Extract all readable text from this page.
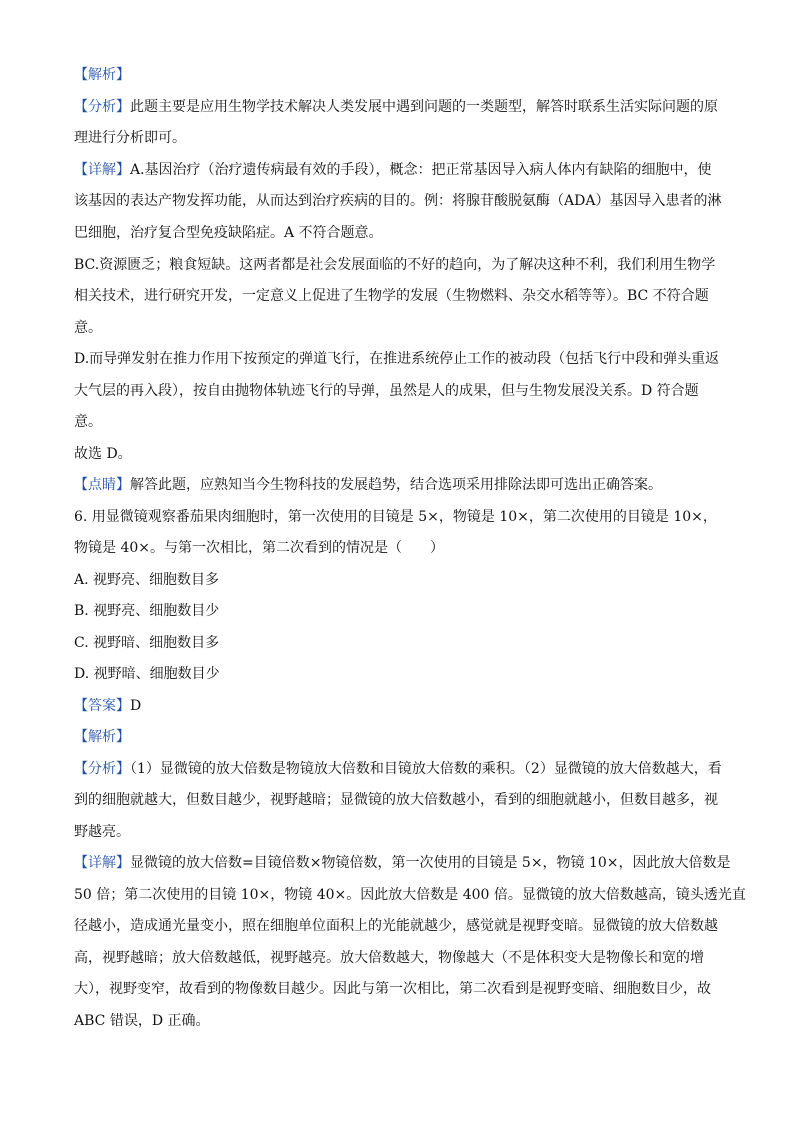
【解析】
【分析】此题主要是应用生物学技术解决人类发展中遇到问题的一类题型，解答时联系生活实际问题的原
理进行分析即可。
【详解】A.基因治疗（治疗遗传病最有效的手段），概念：把正常基因导入病人体内有缺陷的细胞中，使
该基因的表达产物发挥功能，从而达到治疗疾病的目的。例：将腺苷酸脱氨酶（ADA）基因导入患者的淋
巴细胞，治疗复合型免疫缺陷症。A 不符合题意。
BC.资源匮乏；粮食短缺。这两者都是社会发展面临的不好的趋向，为了解决这种不利，我们利用生物学
相关技术，进行研究开发，一定意义上促进了生物学的发展（生物燃料、杂交水稻等等）。BC 不符合题
意。
D.而导弹发射在推力作用下按预定的弹道飞行，在推进系统停止工作的被动段（包括飞行中段和弹头重返
大气层的再入段），按自由抛物体轨迹飞行的导弹，虽然是人的成果，但与生物发展没关系。D 符合题
意。
故选 D。
【点睛】解答此题，应熟知当今生物科技的发展趋势，结合选项采用排除法即可选出正确答案。
6. 用显微镜观察番茄果肉细胞时，第一次使用的目镜是 5×，物镜是 10×，第二次使用的目镜是 10×，
物镜是 40×。与第一次相比，第二次看到的情况是（　　）
A. 视野亮、细胞数目多
B. 视野亮、细胞数目少
C. 视野暗、细胞数目多
D. 视野暗、细胞数目少
【答案】D
【解析】
【分析】（1）显微镜的放大倍数是物镜放大倍数和目镜放大倍数的乘积。（2）显微镜的放大倍数越大，看
到的细胞就越大，但数目越少，视野越暗；显微镜的放大倍数越小，看到的细胞就越小，但数目越多，视
野越亮。
【详解】显微镜的放大倍数=目镜倍数×物镜倍数，第一次使用的目镜是 5×，物镜 10×，因此放大倍数是
50 倍；第二次使用的目镜 10×，物镜 40×。因此放大倍数是 400 倍。显微镜的放大倍数越高，镜头透光直
径越小，造成通光量变小，照在细胞单位面积上的光能就越少，感觉就是视野变暗。显微镜的放大倍数越
高，视野越暗；放大倍数越低，视野越亮。放大倍数越大，物像越大（不是体积变大是物像长和宽的增
大），视野变窄，故看到的物像数目越少。因此与第一次相比，第二次看到是视野变暗、细胞数目少，故
ABC 错误，D 正确。
